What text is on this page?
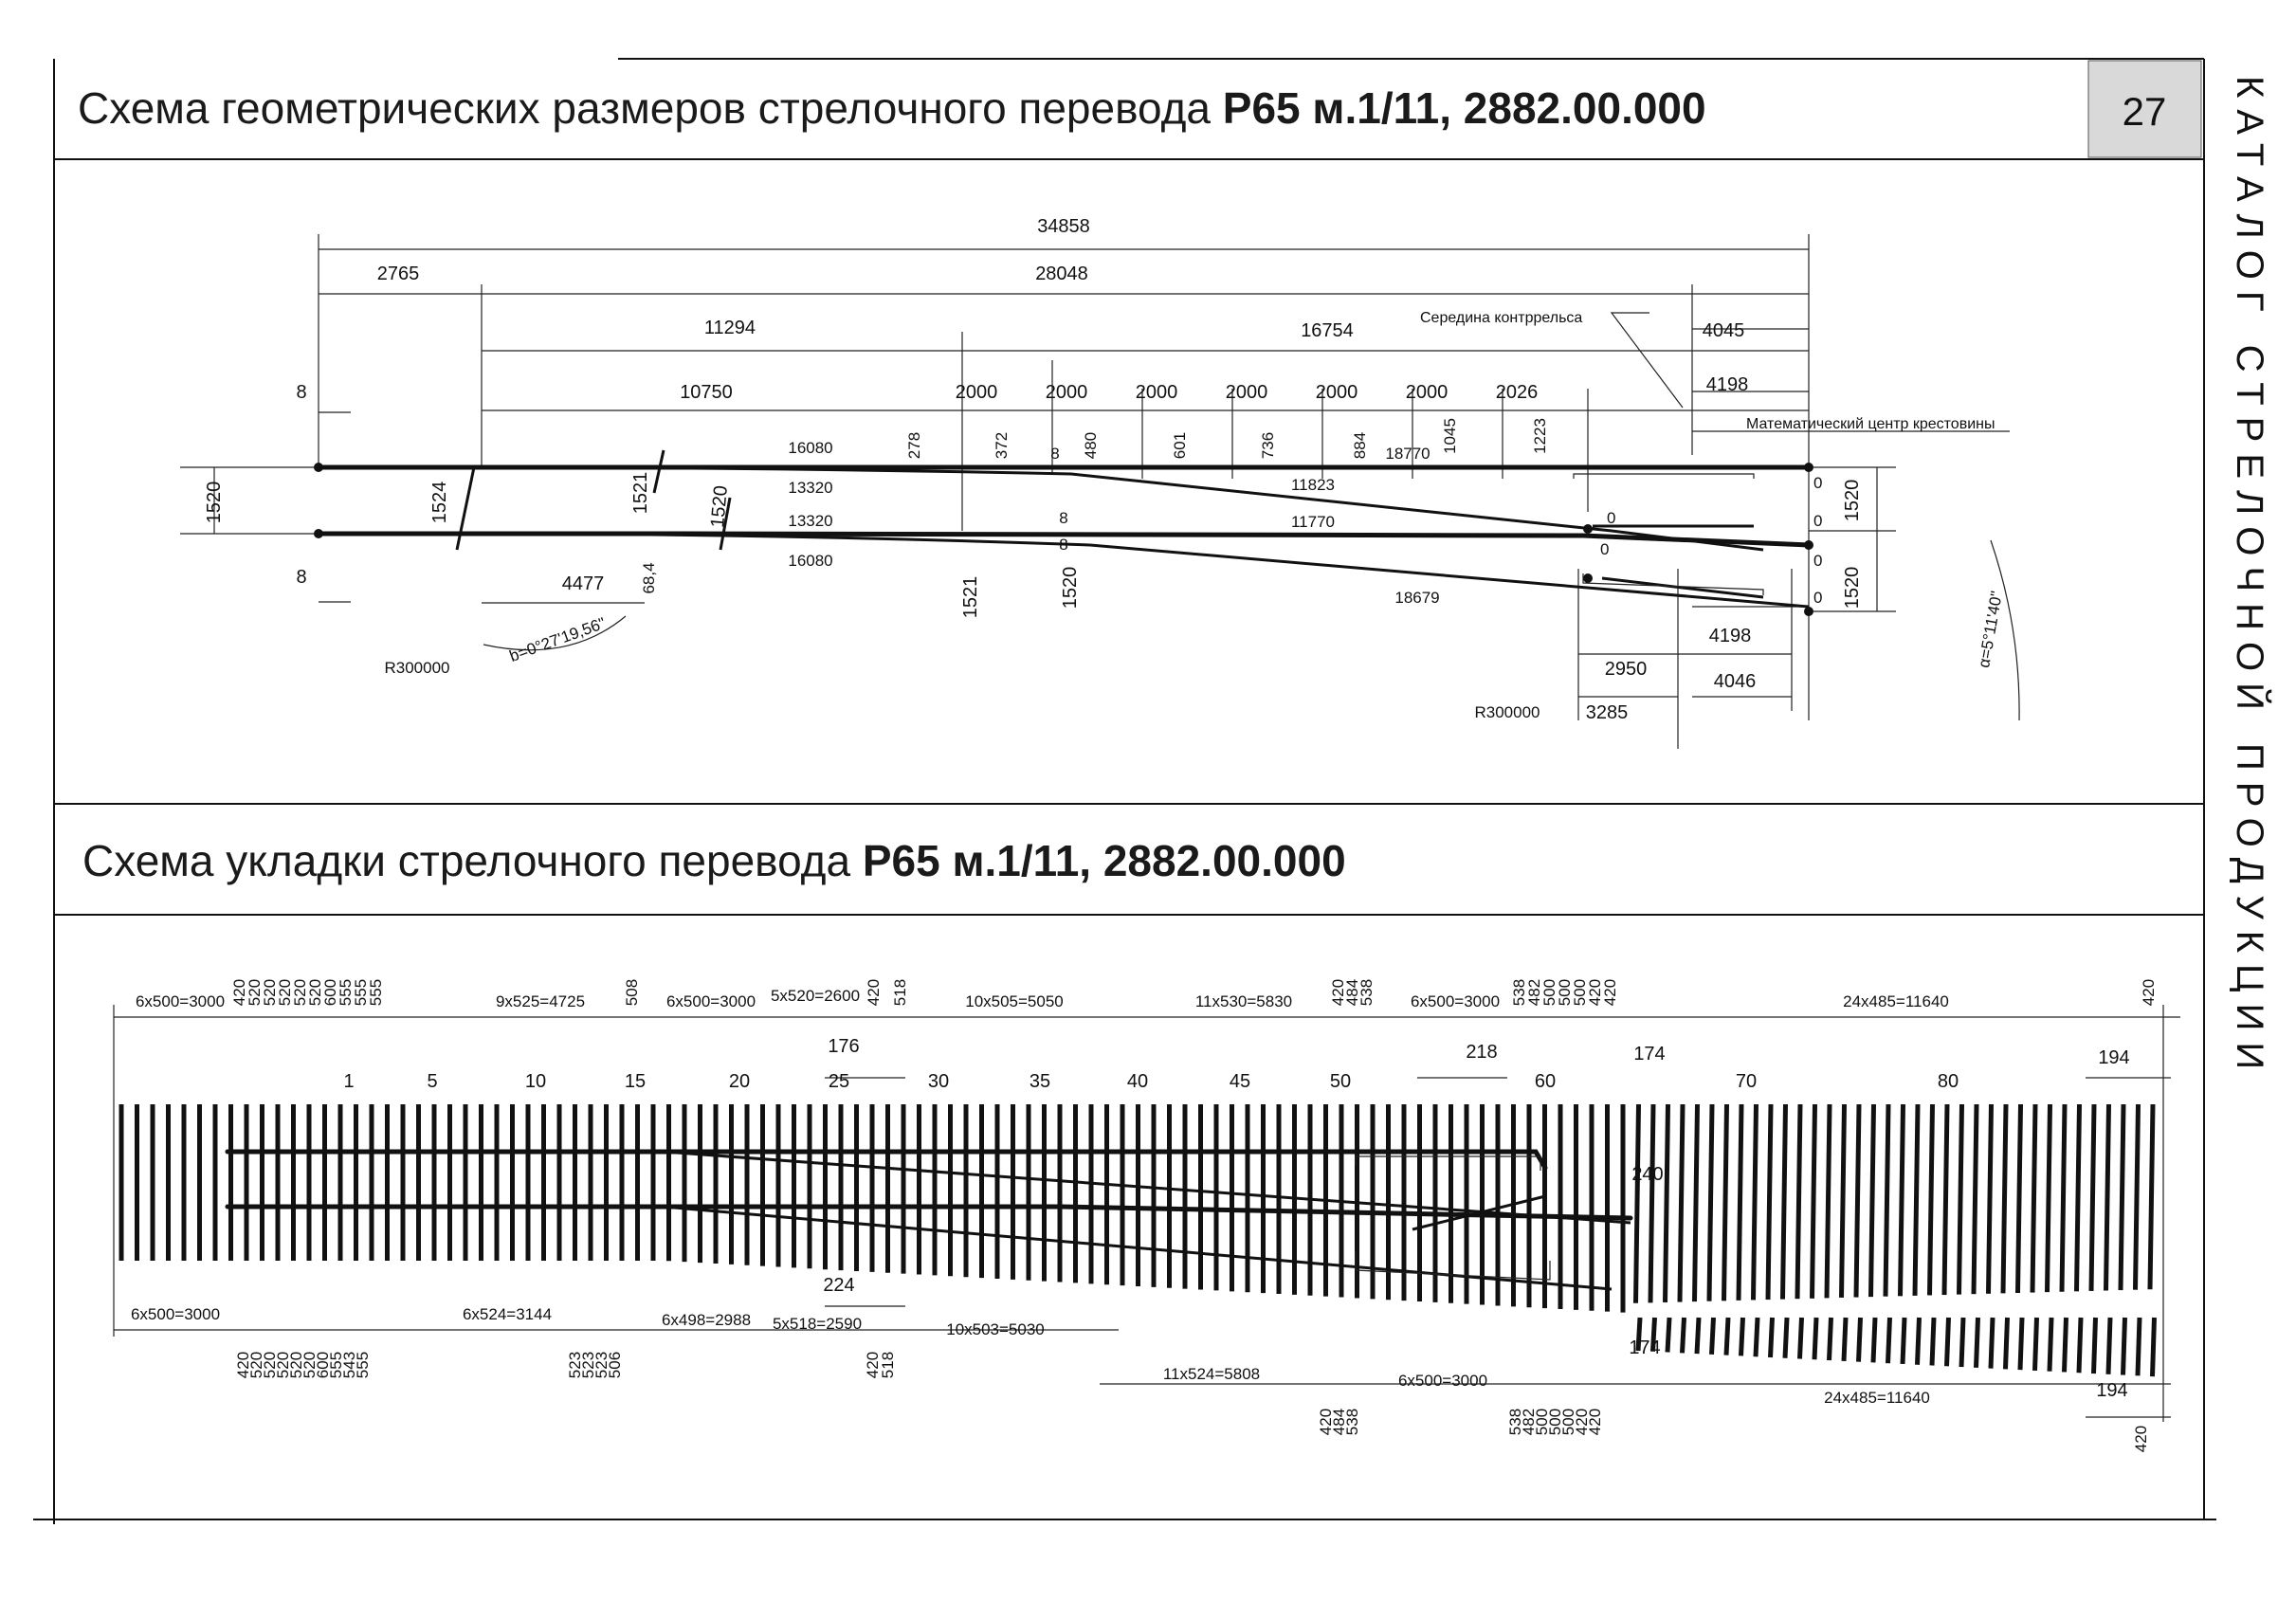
27 КАТАЛОГ СТРЕЛОЧНОЙ ПРОДУКЦИИ
Схема геометрических размеров стрелочного перевода Р65 м.1/11, 2882.00.000
Схема укладки стрелочного перевода Р65 м.1/11, 2882.00.000
34858
2765	28048
11294	16754	4045
10750	2000	2000	2000	2000	2000	2000	2026	4198
8
8
1520	1524	1521	1520
278	372	480	601	736	884	1045	1223
16080
13320
13320
16080
11823
11770
18770
18679
8
8
8
4477 68,4	1521	1520
0
0
0
0
0
0
1520
1520
b=0°27'19,56"
R300000
R300000
4198
2950
4046
3285
α=5°11'40"
Середина контррельса
Математический центр крестовины
6x500=3000	9x525=4725	6x500=3000 5x520=2600	10x505=5050	11x530=5830	6x500=3000	24x485=11640
420
520
520
520
520
520
600
555
555
555	508	420 518	420
484
538	538
482
500
500
500
420
420	420
1	5	10	15	20	25	30	35	40	45	50	60	70	80
176	218	174	194
240
6x500=3000	6x524=3144	6x498=2988 5x518=2590	10x503=5030
11x524=5808	6x500=3000
24x485=11640
420
520
520
520
520
520
600
555
543
555	523
523
523
506
224
420
518
174
194
420
484
538	538
482
500
500
500
420
420
420
